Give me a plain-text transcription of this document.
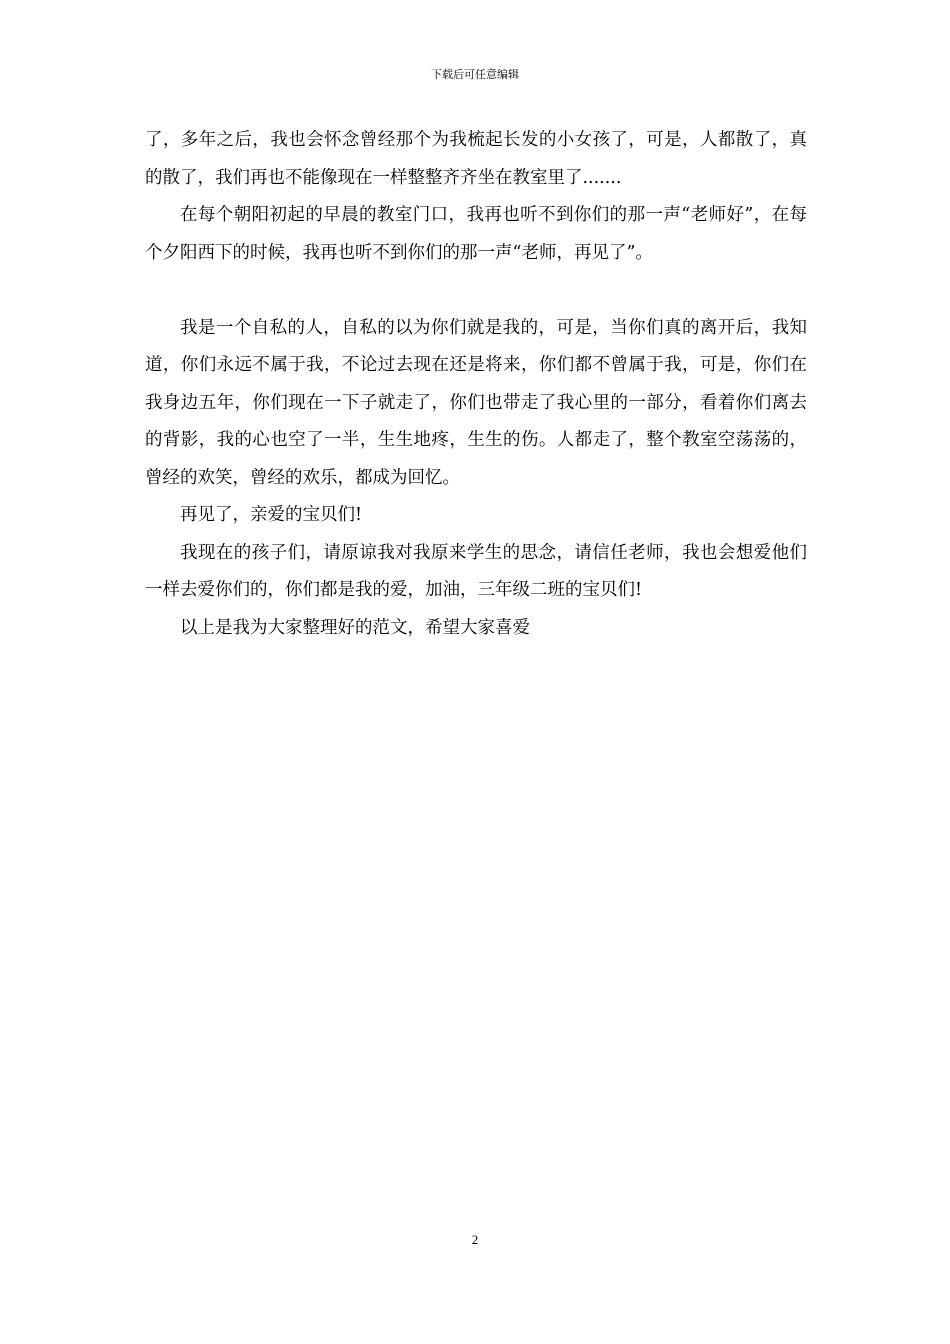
下载后可任意编辑

了，多年之后，我也会怀念曾经那个为我梳起长发的小女孩了，可是，人都散了，真的散了，我们再也不能像现在一样整整齐齐坐在教室里了.......

在每个朝阳初起的早晨的教室门口，我再也听不到你们的那一声“老师好”，在每个夕阳西下的时候，我再也听不到你们的那一声“老师，再见了”。

我是一个自私的人，自私的以为你们就是我的，可是，当你们真的离开后，我知道，你们永远不属于我，不论过去现在还是将来，你们都不曾属于我，可是，你们在我身边五年，你们现在一下子就走了，你们也带走了我心里的一部分，看着你们离去的背影，我的心也空了一半，生生地疼，生生的伤。人都走了，整个教室空荡荡的，曾经的欢笑，曾经的欢乐，都成为回忆。

再见了，亲爱的宝贝们!

我现在的孩子们，请原谅我对我原来学生的思念，请信任老师，我也会想爱他们一样去爱你们的，你们都是我的爱，加油，三年级二班的宝贝们!

以上是我为大家整理好的范文，希望大家喜爱

2
